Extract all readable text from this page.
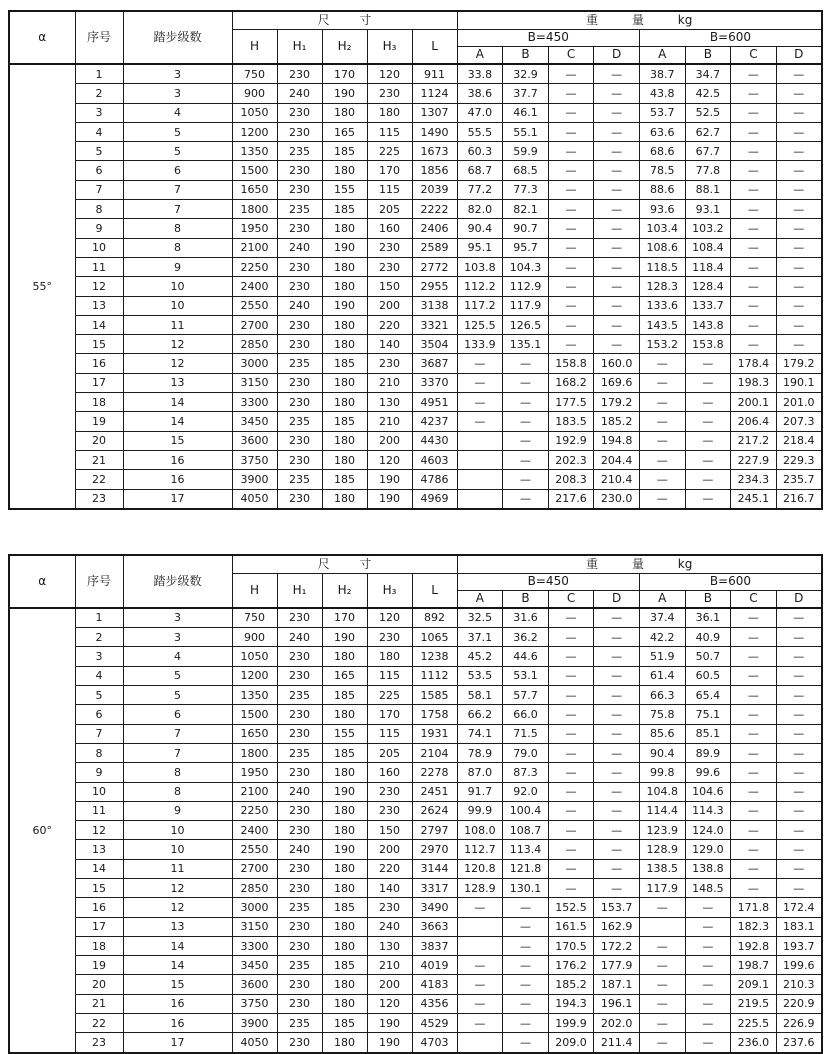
α	序号	踏步级数	尺 寸					重 量 kg							
			H	H₁	H₂	H₃	L	B=450				B=600			
								A	B	C	D	A	B	C	D
55°	1	3	750	230	170	120	911	33.8	32.9	—	—	38.7	34.7	—	—
	2	3	900	240	190	230	1124	38.6	37.7	—	—	43.8	42.5	—	—
	3	4	1050	230	180	180	1307	47.0	46.1	—	—	53.7	52.5	—	—
	4	5	1200	230	165	115	1490	55.5	55.1	—	—	63.6	62.7	—	—
	5	5	1350	235	185	225	1673	60.3	59.9	—	—	68.6	67.7	—	—
	6	6	1500	230	180	170	1856	68.7	68.5	—	—	78.5	77.8	—	—
	7	7	1650	230	155	115	2039	77.2	77.3	—	—	88.6	88.1	—	—
	8	7	1800	235	185	205	2222	82.0	82.1	—	—	93.6	93.1	—	—
	9	8	1950	230	180	160	2406	90.4	90.7	—	—	103.4	103.2	—	—
	10	8	2100	240	190	230	2589	95.1	95.7	—	—	108.6	108.4	—	—
	11	9	2250	230	180	230	2772	103.8	104.3	—	—	118.5	118.4	—	—
	12	10	2400	230	180	150	2955	112.2	112.9	—	—	128.3	128.4	—	—
	13	10	2550	240	190	200	3138	117.2	117.9	—	—	133.6	133.7	—	—
	14	11	2700	230	180	220	3321	125.5	126.5	—	—	143.5	143.8	—	—
	15	12	2850	230	180	140	3504	133.9	135.1	—	—	153.2	153.8	—	—
	16	12	3000	235	185	230	3687	—	—	158.8	160.0	—	—	178.4	179.2
	17	13	3150	230	180	210	3370	—	—	168.2	169.6	—	—	198.3	190.1
	18	14	3300	230	180	130	4951	—	—	177.5	179.2	—	—	200.1	201.0
	19	14	3450	235	185	210	4237	—	—	183.5	185.2	—	—	206.4	207.3
	20	15	3600	230	180	200	4430		—	192.9	194.8	—	—	217.2	218.4
	21	16	3750	230	180	120	4603		—	202.3	204.4	—	—	227.9	229.3
	22	16	3900	235	185	190	4786		—	208.3	210.4	—	—	234.3	235.7
	23	17	4050	230	180	190	4969		—	217.6	230.0	—	—	245.1	216.7
α	序号	踏步级数	尺 寸					重 量 kg							
			H	H₁	H₂	H₃	L	B=450				B=600			
								A	B	C	D	A	B	C	D
60°	1	3	750	230	170	120	892	32.5	31.6	—	—	37.4	36.1	—	—
	2	3	900	240	190	230	1065	37.1	36.2	—	—	42.2	40.9	—	—
	3	4	1050	230	180	180	1238	45.2	44.6	—	—	51.9	50.7	—	—
	4	5	1200	230	165	115	1112	53.5	53.1	—	—	61.4	60.5	—	—
	5	5	1350	235	185	225	1585	58.1	57.7	—	—	66.3	65.4	—	—
	6	6	1500	230	180	170	1758	66.2	66.0	—	—	75.8	75.1	—	—
	7	7	1650	230	155	115	1931	74.1	71.5	—	—	85.6	85.1	—	—
	8	7	1800	235	185	205	2104	78.9	79.0	—	—	90.4	89.9	—	—
	9	8	1950	230	180	160	2278	87.0	87.3	—	—	99.8	99.6	—	—
	10	8	2100	240	190	230	2451	91.7	92.0	—	—	104.8	104.6	—	—
	11	9	2250	230	180	230	2624	99.9	100.4	—	—	114.4	114.3	—	—
	12	10	2400	230	180	150	2797	108.0	108.7	—	—	123.9	124.0	—	—
	13	10	2550	240	190	200	2970	112.7	113.4	—	—	128.9	129.0	—	—
	14	11	2700	230	180	220	3144	120.8	121.8	—	—	138.5	138.8	—	—
	15	12	2850	230	180	140	3317	128.9	130.1	—	—	117.9	148.5	—	—
	16	12	3000	235	185	230	3490	—	—	152.5	153.7	—	—	171.8	172.4
	17	13	3150	230	180	240	3663		—	161.5	162.9		—	182.3	183.1
	18	14	3300	230	180	130	3837		—	170.5	172.2	—	—	192.8	193.7
	19	14	3450	235	185	210	4019	—	—	176.2	177.9	—	—	198.7	199.6
	20	15	3600	230	180	200	4183	—	—	185.2	187.1	—	—	209.1	210.3
	21	16	3750	230	180	120	4356	—	—	194.3	196.1	—	—	219.5	220.9
	22	16	3900	235	185	190	4529	—	—	199.9	202.0	—	—	225.5	226.9
	23	17	4050	230	180	190	4703		—	209.0	211.4	—	—	236.0	237.6
